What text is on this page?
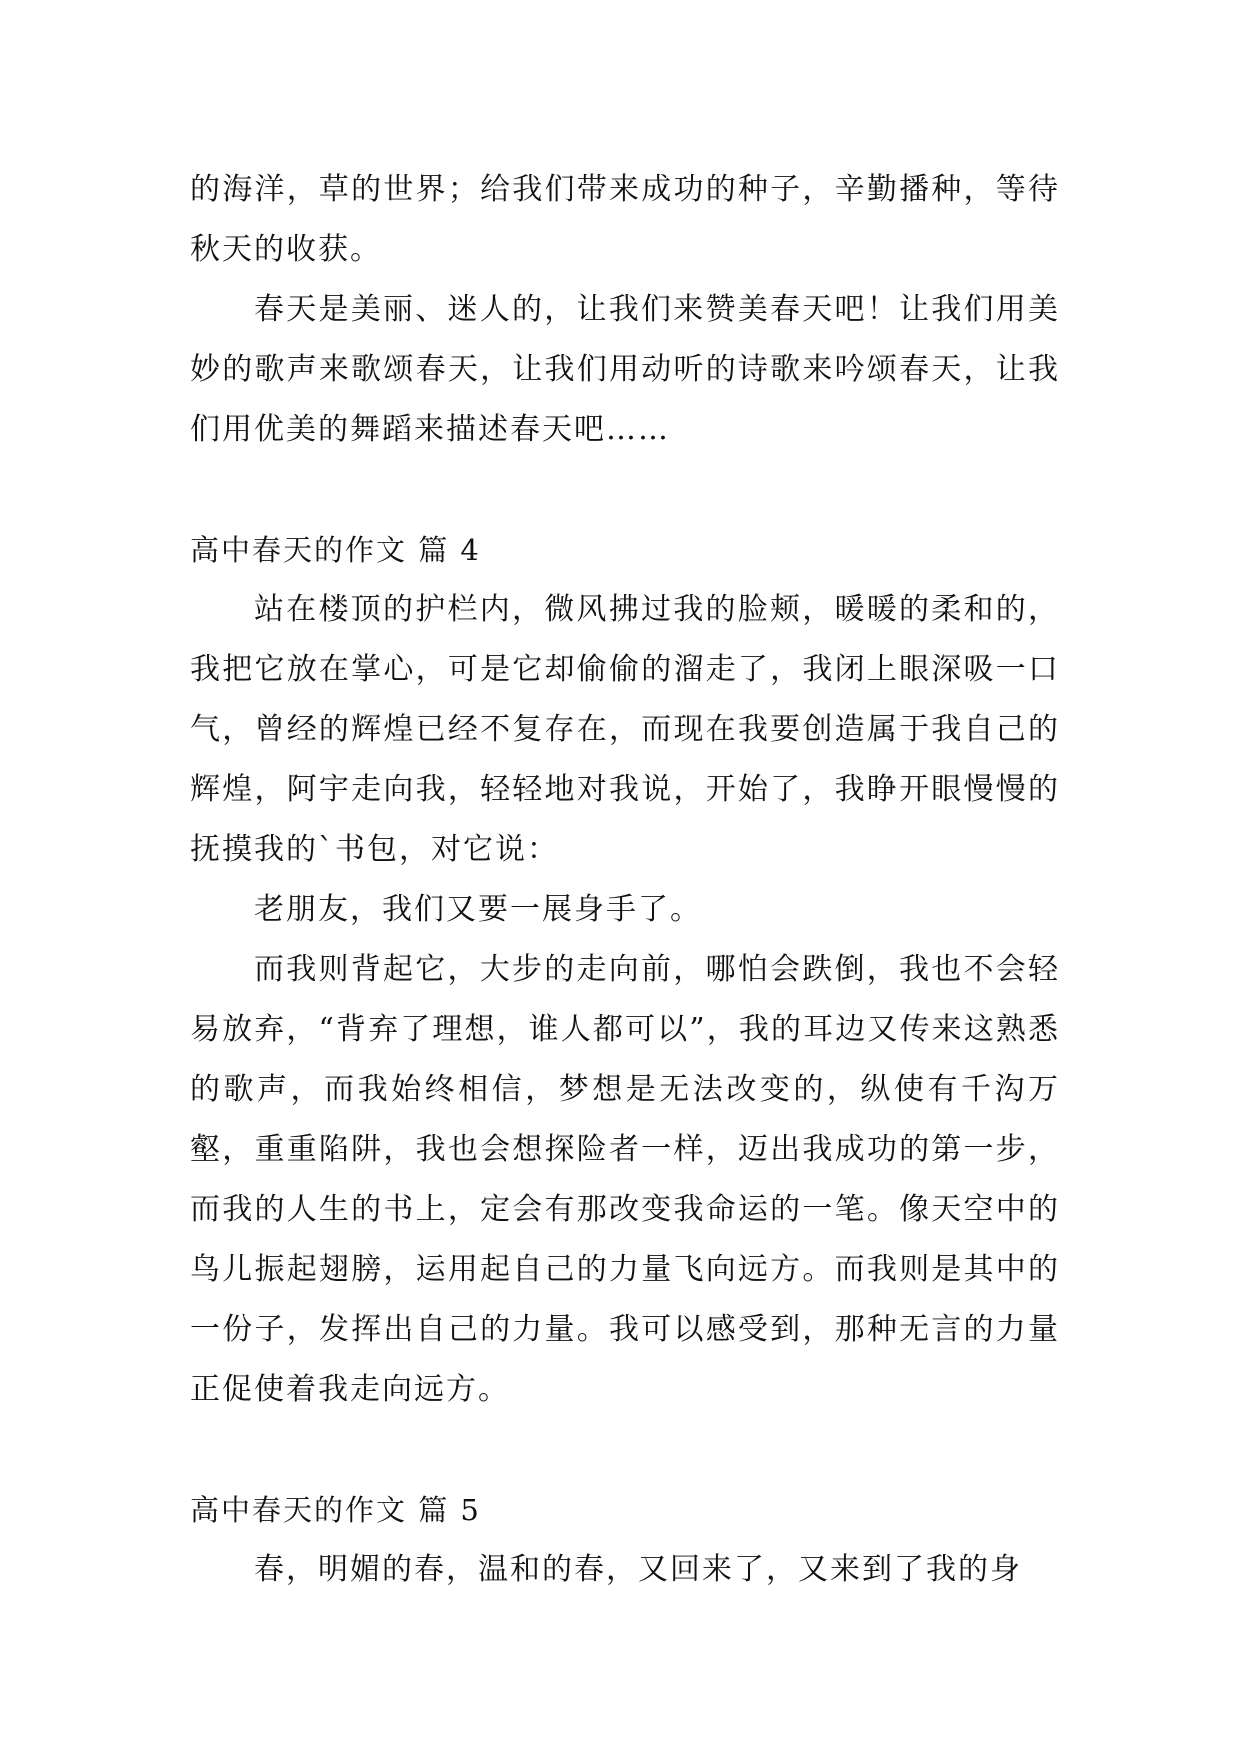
的海洋，草的世界；给我们带来成功的种子，辛勤播种，等待秋天的收获。

春天是美丽、迷人的，让我们来赞美春天吧！让我们用美妙的歌声来歌颂春天，让我们用动听的诗歌来吟颂春天，让我们用优美的舞蹈来描述春天吧……

高中春天的作文 篇 4

站在楼顶的护栏内，微风拂过我的脸颊，暖暖的柔和的，我把它放在掌心，可是它却偷偷的溜走了，我闭上眼深吸一口气，曾经的辉煌已经不复存在，而现在我要创造属于我自己的辉煌，阿宇走向我，轻轻地对我说，开始了，我睁开眼慢慢的抚摸我的`书包，对它说：

老朋友，我们又要一展身手了。

而我则背起它，大步的走向前，哪怕会跌倒，我也不会轻易放弃，“背弃了理想，谁人都可以”，我的耳边又传来这熟悉的歌声，而我始终相信，梦想是无法改变的，纵使有千沟万壑，重重陷阱，我也会想探险者一样，迈出我成功的第一步，而我的人生的书上，定会有那改变我命运的一笔。像天空中的鸟儿振起翅膀，运用起自己的力量飞向远方。而我则是其中的一份子，发挥出自己的力量。我可以感受到，那种无言的力量正促使着我走向远方。

高中春天的作文 篇 5

春，明媚的春，温和的春，又回来了，又来到了我的身
